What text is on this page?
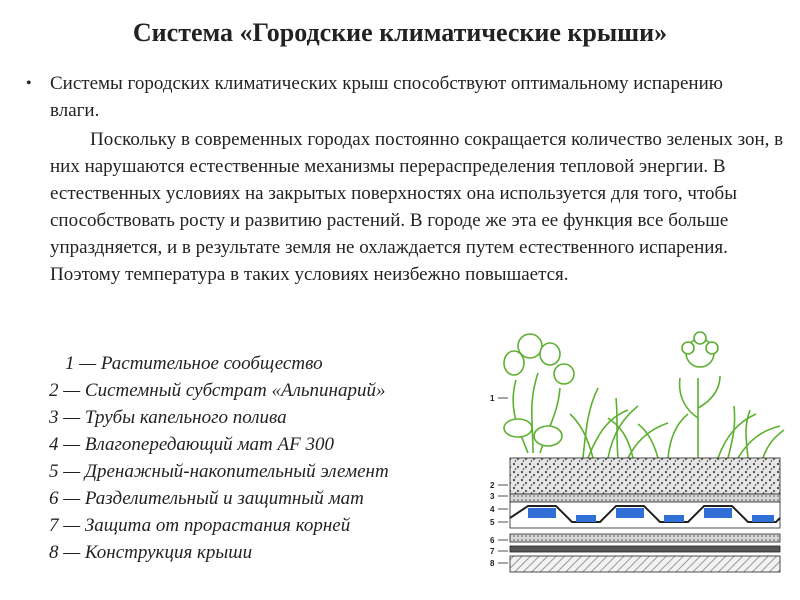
Система «Городские климатические крыши»
• Системы городских климатических крыш способствуют оптимальному испарению влаги.

Поскольку в современных городах постоянно сокращается количество зеленых зон, в них нарушаются естественные механизмы перераспределения тепловой энергии. В естественных условиях на закрытых поверхностях она используется для того, чтобы способствовать росту и развитию растений. В городе же эта ее функция все больше упраздняется, и в результате земля не охлаждается путем естественного испарения. Поэтому температура в таких условиях неизбежно повышается.

1 — Растительное сообщество
2 — Системный субстрат «Альпинарий»
3 — Трубы капельного полива
4 — Влагопередающий мат AF 300
5 — Дренажный-накопительный элемент
6 — Разделительный и защитный мат
7 — Защита от прорастания корней
8 — Конструкция крыши
1
2
3
4
5
6
7
8
